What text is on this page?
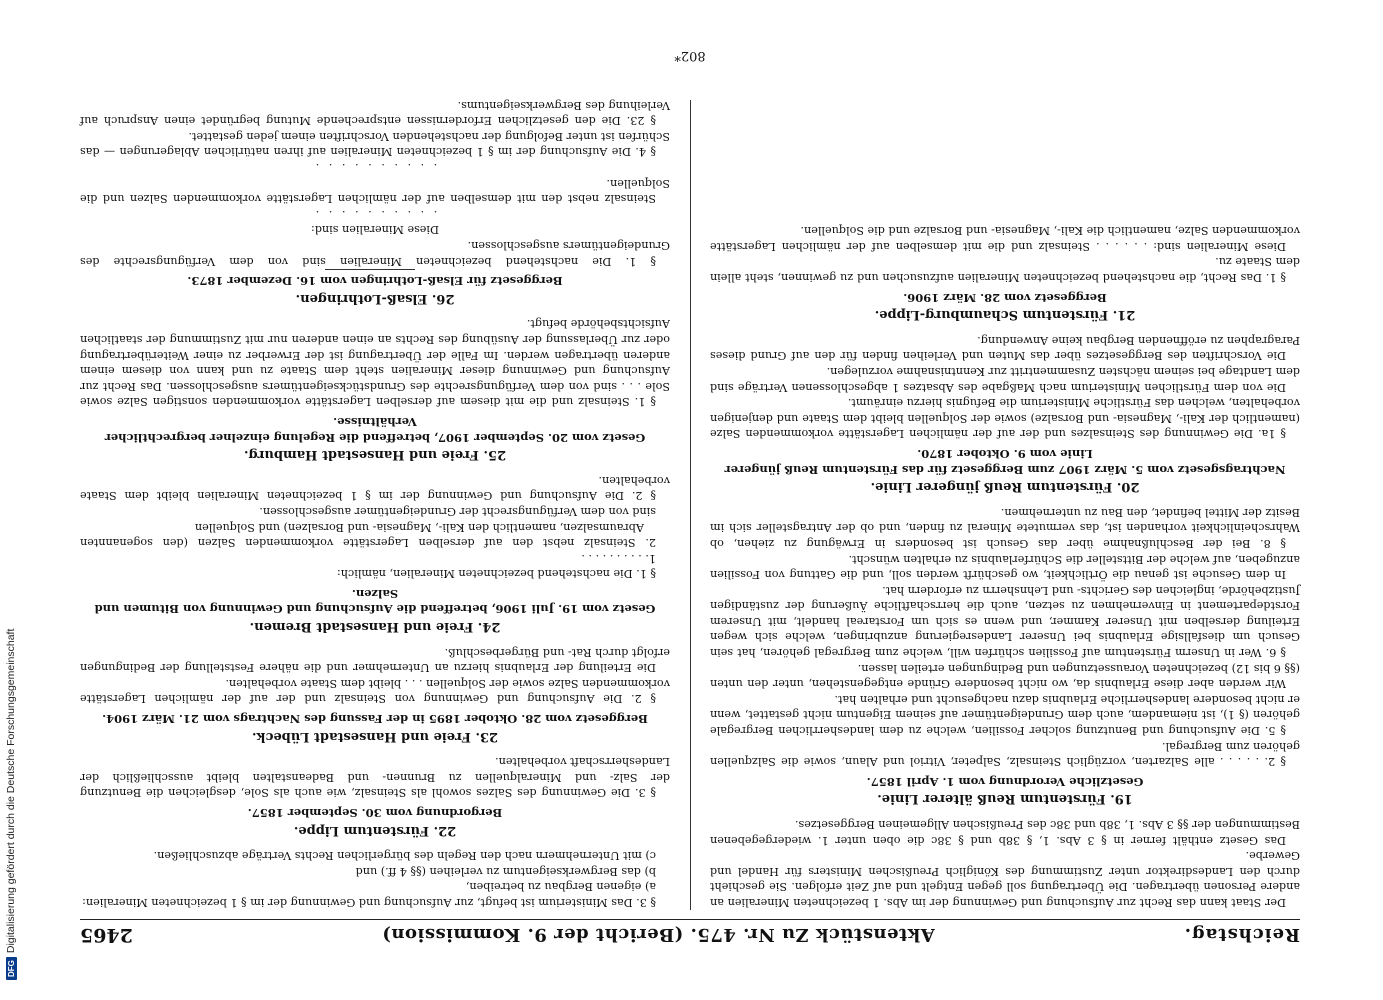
DFG
Digitalisierung gefördert durch die Deutsche Forschungsgemeinschaft	Reichstag.
Aktenstück Zu Nr. 475. (Bericht der 9. Kommission)
2465

Der Staat kann das Recht zur Aufsuchung und Gewinnung der im Abs. 1 bezeichneten Mineralien an andere Personen übertragen. Die Übertragung soll gegen Entgelt und auf Zeit erfolgen. Sie geschieht durch den Landesdirektor unter Zustimmung des Königlich Preußischen Ministers für Handel und Gewerbe.

Das Gesetz enthält ferner in § 3 Abs. 1, § 38b und § 38c die oben unter 1. wiedergegebenen Bestimmungen der §§ 3 Abs. 1, 38b und 38c des Preußischen Allgemeinen Berggesetzes.

19. Fürstentum Reuß älterer Linie.

Gesetzliche Verordnung vom 1. April 1857.

§ 2. . . . . . alle Salzarten, vorzüglich Steinsalz, Salpeter, Vitriol und Alaun, sowie die Salzquellen gehören zum Bergregal.

§ 5. Die Aufsuchung und Benutzung solcher Fossilien, welche zu dem landesherrlichen Bergregale gehören (§ 1), ist niemandem, auch dem Grundeigentümer auf seinem Eigentum nicht gestattet, wenn er nicht besondere landesherrliche Erlaubnis dazu nachgesucht und erhalten hat.

Wir werden aber diese Erlaubnis da, wo nicht besondere Gründe entgegenstehen, unter den unten (§§ 6 bis 12) bezeichneten Voraussetzungen und Bedingungen erteilen lassen.

§ 6. Wer in Unserm Fürstentum auf Fossilien schürfen will, welche zum Bergregal gehören, hat sein Gesuch um diesfallsige Erlaubnis bei Unserer Landesregierung anzubringen, welche sich wegen Erteilung derselben mit Unserer Kammer, und wenn es sich um Forstareal handelt, mit Unserem Forstdepartement in Einvernehmen zu setzen, auch die herrschaftliche Äußerung der zuständigen Justizbehörde, ingleichen des Gerichts- und Lehnsherrn zu erfordern hat.

In dem Gesuche ist genau die Örtlichkeit, wo geschürft werden soll, und die Gattung von Fossilien anzugeben, auf welche der Bittsteller die Schürferlaubnis zu erhalten wünscht.

§ 8. Bei der Beschlußnahme über das Gesuch ist besonders in Erwägung zu ziehen, ob Wahrscheinlichkeit vorhanden ist, das vermutete Mineral zu finden, und ob der Antragsteller sich im Besitz der Mittel befindet, den Bau zu unternehmen.

20. Fürstentum Reuß jüngerer Linie.

Nachtragsgesetz vom 5. März 1907 zum Berggesetz für das Fürstentum Reuß jüngerer Linie vom 9. Oktober 1870.

§ 1a. Die Gewinnung des Steinsalzes und der auf der nämlichen Lagerstätte vorkommenden Salze (namentlich der Kali-, Magnesia- und Borsalze) sowie der Solquellen bleibt dem Staate und denjenigen vorbehalten, welchen das Fürstliche Ministerium die Befugnis hierzu einräumt.

Die von dem Fürstlichen Ministerium nach Maßgabe des Absatzes 1 abgeschlossenen Verträge sind dem Landtage bei seinem nächsten Zusammentritt zur Kenntnisnahme vorzulegen.

Die Vorschriften des Berggesetzes über das Muten und Verleihen finden für den auf Grund dieses Paragraphen zu eröffnenden Bergbau keine Anwendung.

21. Fürstentum Schaumburg-Lippe.

Berggesetz vom 28. März 1906.

§ 1. Das Recht, die nachstehend bezeichneten Mineralien aufzusuchen und zu gewinnen, steht allein dem Staate zu.

Diese Mineralien sind: . . . . . . Steinsalz und die mit demselben auf der nämlichen Lagerstätte vorkommenden Salze, namentlich die Kali-, Magnesia- und Borsalze und die Solquellen.

§ 3. Das Ministerium ist befugt, zur Aufsuchung und Gewinnung der im § 1 bezeichneten Mineralien:

a) eigenen Bergbau zu betreiben,

b) das Bergwerkseigentum zu verleihen (§§ 4 ff.) und

c) mit Unternehmern nach den Regeln des bürgerlichen Rechts Verträge abzuschließen.

22. Fürstentum Lippe.

Bergordnung vom 30. September 1857.

§ 3. Die Gewinnung des Salzes sowohl als Steinsalz, wie auch als Sole, desgleichen die Benutzung der Salz- und Mineralquellen zu Brunnen- und Badeanstalten bleibt ausschließlich der Landesherrschaft vorbehalten.

23. Freie und Hansestadt Lübeck.

Berggesetz vom 28. Oktober 1895 in der Fassung des Nachtrags vom 21. März 1904.

§ 2. Die Aufsuchung und Gewinnung von Steinsalz und der auf der nämlichen Lagerstätte vorkommenden Salze sowie der Solquellen . . . bleibt dem Staate vorbehalten.

Die Erteilung der Erlaubnis hierzu an Unternehmer und die nähere Feststellung der Bedingungen erfolgt durch Rat- und Bürgerbeschluß.

24. Freie und Hansestadt Bremen.

Gesetz vom 19. Juli 1906, betreffend die Aufsuchung und Gewinnung von Bitumen und Salzen.

§ 1. Die nachstehend bezeichneten Mineralien, nämlich:

1. . . . . . . . . .

2. Steinsalz nebst den auf derselben Lagerstätte vorkommenden Salzen (den sogenannten Abraumsalzen, namentlich den Kali-, Magnesia- und Borsalzen) und Solquellen

sind von dem Verfügungsrecht der Grundeigentümer ausgeschlossen.

§ 2. Die Aufsuchung und Gewinnung der im § 1 bezeichneten Mineralien bleibt dem Staate vorbehalten.

25. Freie und Hansestadt Hamburg.

Gesetz vom 20. September 1907, betreffend die Regelung einzelner bergrechtlicher Verhältnisse.

§ 1. Steinsalz und die mit diesem auf derselben Lagerstätte vorkommenden sonstigen Salze sowie Sole . . . sind von dem Verfügungsrechte des Grundstückseigentümers ausgeschlossen. Das Recht zur Aufsuchung und Gewinnung dieser Mineralien steht dem Staate zu und kann von diesem einem anderen übertragen werden. Im Falle der Übertragung ist der Erwerber zu einer Weiterübertragung oder zur Überlassung der Ausübung des Rechts an einen anderen nur mit Zustimmung der staatlichen Aufsichtsbehörde befugt.

26. Elsaß-Lothringen.

Berggesetz für Elsaß-Lothringen vom 16. Dezember 1873.

§ 1. Die nachstehend bezeichneten Mineralien sind von dem Verfügungsrechte des Grundeigentümers ausgeschlossen.

Diese Mineralien sind:

. . . . . . . . . .

Steinsalz nebst den mit demselben auf der nämlichen Lagerstätte vorkommenden Salzen und die Solquellen.

. . . . . . . . . .

§ 4. Die Aufsuchung der im § 1 bezeichneten Mineralien auf ihren natürlichen Ablagerungen — das Schürfen ist unter Befolgung der nachstehenden Vorschriften einem jeden gestattet.

§ 23. Die den gesetzlichen Erfordernissen entsprechende Mutung begründet einen Anspruch auf Verleihung des Bergwerkseigentums.

802*
